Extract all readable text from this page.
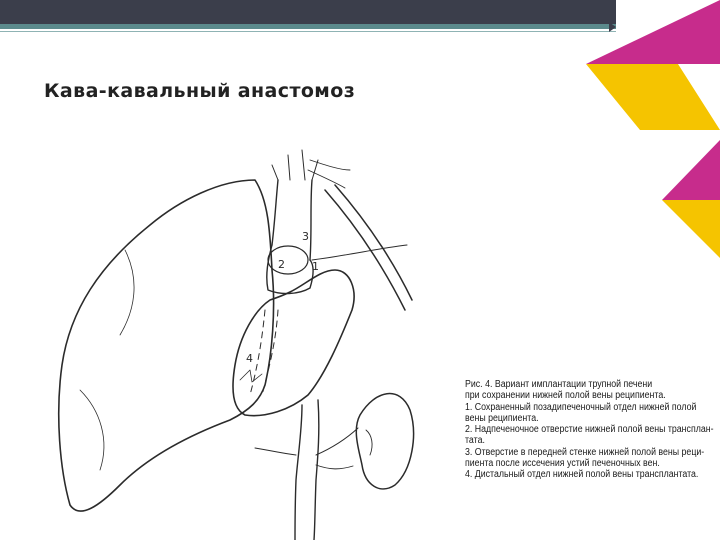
Кава-кавальный анастомоз
3
2 1
4
Рис. 4. Вариант имплантации трупной печени
при сохранении нижней полой вены реципиента.
1. Сохраненный позадипеченочный отдел нижней полой
вены реципиента.
2. Надпеченочное отверстие нижней полой вены трансплан-
тата.
3. Отверстие в передней стенке нижней полой вены реци-
пиента после иссечения устий печеночных вен.
4. Дистальный отдел нижней полой вены трансплантата.
